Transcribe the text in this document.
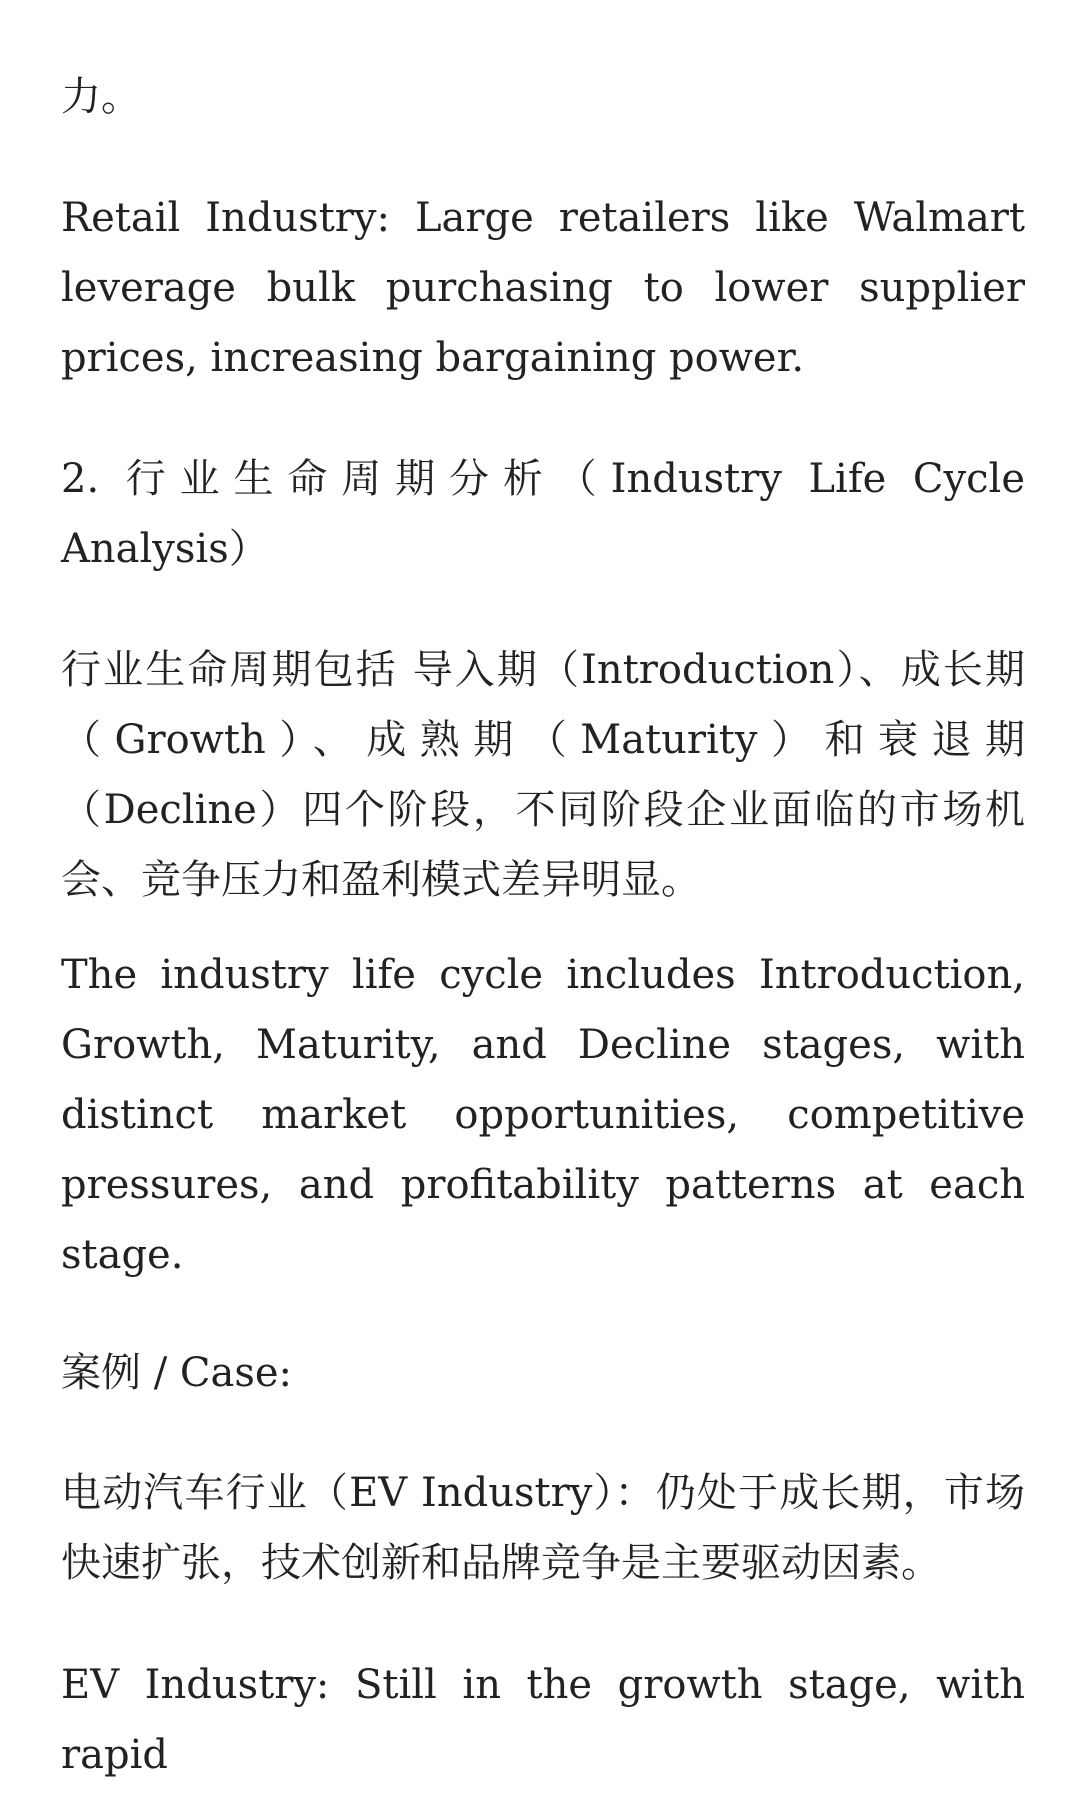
力。

Retail Industry: Large retailers like Walmart leverage bulk purchasing to lower supplier prices, increasing bargaining power.

2. 行业生命周期分析（Industry Life Cycle Analysis）

行业生命周期包括 导入期（Introduction）、成长期（Growth）、成熟期（Maturity）和衰退期（Decline）四个阶段，不同阶段企业面临的市场机会、竞争压力和盈利模式差异明显。

The industry life cycle includes Introduction, Growth, Maturity, and Decline stages, with distinct market opportunities, competitive pressures, and profitability patterns at each stage.

案例 / Case:

电动汽车行业（EV Industry）：仍处于成长期，市场快速扩张，技术创新和品牌竞争是主要驱动因素。

EV Industry: Still in the growth stage, with rapid
